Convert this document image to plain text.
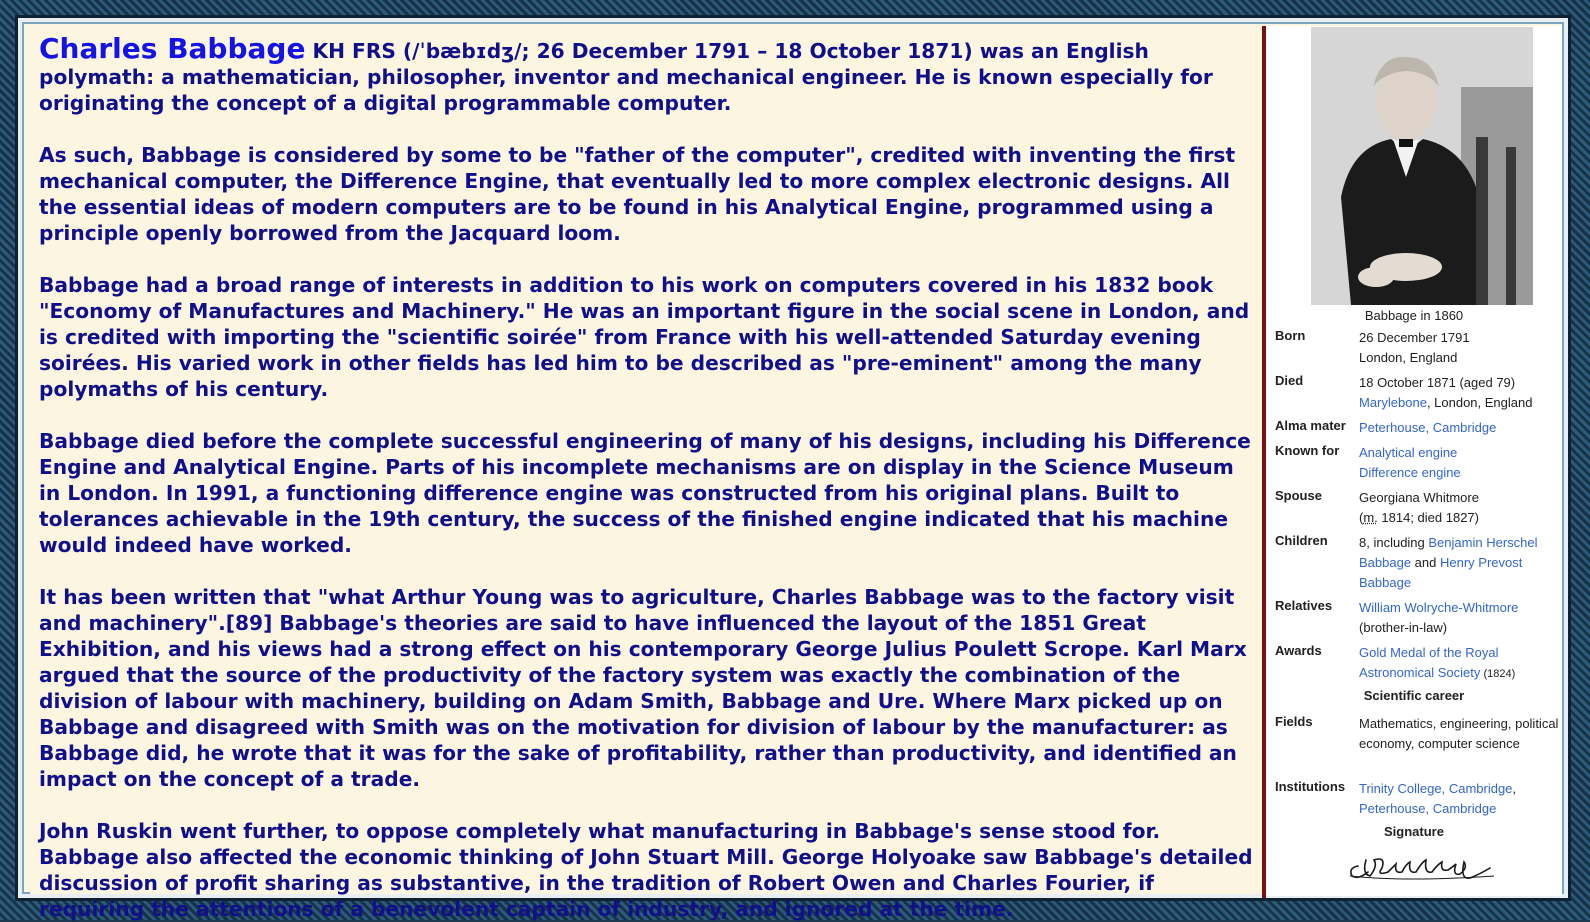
Charles Babbage KH FRS (/ˈbæbɪdʒ/; 26 December 1791 – 18 October 1871) was an English polymath: a mathematician, philosopher, inventor and mechanical engineer. He is known especially for originating the concept of a digital programmable computer.

As such, Babbage is considered by some to be "father of the computer", credited with inventing the first mechanical computer, the Difference Engine, that eventually led to more complex electronic designs. All the essential ideas of modern computers are to be found in his Analytical Engine, programmed using a principle openly borrowed from the Jacquard loom.

Babbage had a broad range of interests in addition to his work on computers covered in his 1832 book "Economy of Manufactures and Machinery." He was an important figure in the social scene in London, and is credited with importing the "scientific soirée" from France with his well-attended Saturday evening soirées. His varied work in other fields has led him to be described as "pre-eminent" among the many polymaths of his century.

Babbage died before the complete successful engineering of many of his designs, including his Difference Engine and Analytical Engine. Parts of his incomplete mechanisms are on display in the Science Museum in London. In 1991, a functioning difference engine was constructed from his original plans. Built to tolerances achievable in the 19th century, the success of the finished engine indicated that his machine would indeed have worked.

It has been written that "what Arthur Young was to agriculture, Charles Babbage was to the factory visit and machinery".[89] Babbage's theories are said to have influenced the layout of the 1851 Great Exhibition, and his views had a strong effect on his contemporary George Julius Poulett Scrope. Karl Marx argued that the source of the productivity of the factory system was exactly the combination of the division of labour with machinery, building on Adam Smith, Babbage and Ure. Where Marx picked up on Babbage and disagreed with Smith was on the motivation for division of labour by the manufacturer: as Babbage did, he wrote that it was for the sake of profitability, rather than productivity, and identified an impact on the concept of a trade.

John Ruskin went further, to oppose completely what manufacturing in Babbage's sense stood for. Babbage also affected the economic thinking of John Stuart Mill. George Holyoake saw Babbage's detailed discussion of profit sharing as substantive, in the tradition of Robert Owen and Charles Fourier, if requiring the attentions of a benevolent captain of industry, and ignored at the time.

Babbage in 1860
Born	26 December 1791
London, England
Died	18 October 1871 (aged 79)
Marylebone, London, England
Alma mater	Peterhouse, Cambridge
Known for	Analytical engine
Difference engine
Spouse	Georgiana Whitmore
(m. 1814; died 1827)
Children	8, including Benjamin Herschel
Babbage and Henry Prevost
Babbage
Relatives	William Wolryche-Whitmore
(brother-in-law)
Awards	Gold Medal of the Royal
Astronomical Society (1824)
Scientific career
Fields	Mathematics, engineering, political economy, computer science
Institutions	Trinity College, Cambridge,
Peterhouse, Cambridge
Signature
